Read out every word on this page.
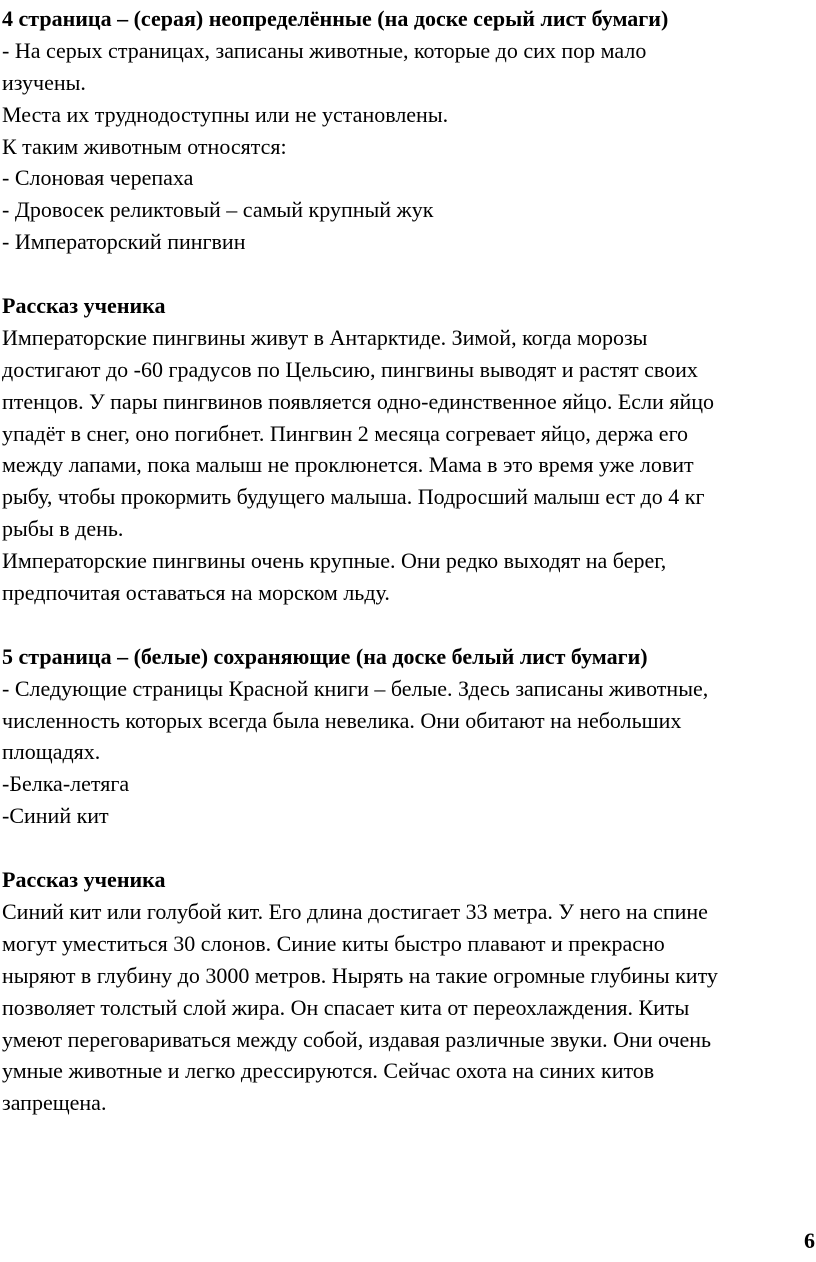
4 страница – (серая) неопределённые (на доске серый лист бумаги)
- На серых страницах, записаны животные, которые до сих пор мало
изучены.
Места их труднодоступны или не установлены.
К таким животным относятся:
- Слоновая черепаха
- Дровосек реликтовый – самый крупный жук
- Императорский пингвин
Рассказ ученика
Императорские пингвины живут в Антарктиде. Зимой, когда морозы
достигают до -60 градусов по Цельсию, пингвины выводят и растят своих
птенцов. У пары пингвинов появляется одно-единственное яйцо. Если яйцо
упадёт в снег, оно погибнет. Пингвин 2 месяца согревает яйцо, держа его
между лапами, пока малыш не проклюнется. Мама в это время уже ловит
рыбу, чтобы прокормить будущего малыша. Подросший малыш ест до 4 кг
рыбы в день.
Императорские пингвины очень крупные. Они редко выходят на берег,
предпочитая оставаться на морском льду.
5 страница – (белые) сохраняющие (на доске белый лист бумаги)
- Следующие страницы Красной книги – белые. Здесь записаны животные,
численность которых всегда была невелика. Они обитают на небольших
площадях.
-Белка-летяга
-Синий кит
Рассказ ученика
Синий кит или голубой кит. Его длина достигает 33 метра. У него на спине
могут уместиться 30 слонов. Синие киты быстро плавают и прекрасно
ныряют в глубину до 3000 метров. Нырять на такие огромные глубины киту
позволяет толстый слой жира. Он спасает кита от переохлаждения. Киты
умеют переговариваться между собой, издавая различные звуки. Они очень
умные животные и легко дрессируются. Сейчас охота на синих китов
запрещена.
6
